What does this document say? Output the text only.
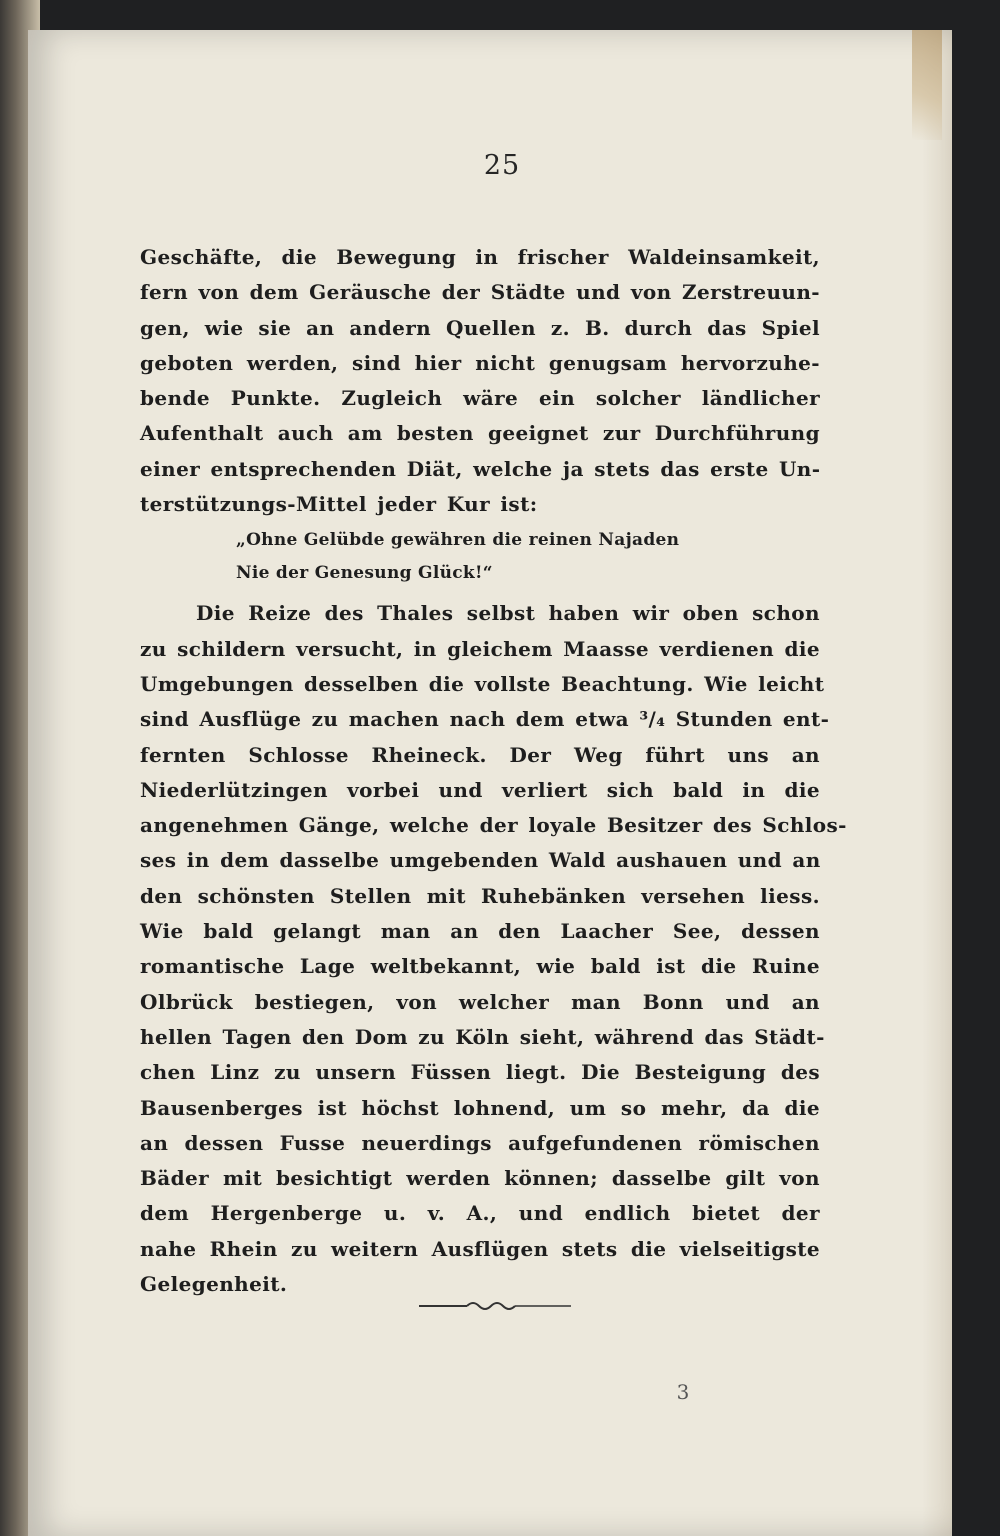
25
Geschäfte, die Bewegung in frischer Waldeinsamkeit,
fern von dem Geräusche der Städte und von Zerstreuun-
gen, wie sie an andern Quellen z. B. durch das Spiel
geboten werden, sind hier nicht genugsam hervorzuhe-
bende Punkte. Zugleich wäre ein solcher ländlicher
Aufenthalt auch am besten geeignet zur Durchführung
einer entsprechenden Diät, welche ja stets das erste Un-
terstützungs-Mittel jeder Kur ist:
„Ohne Gelübde gewähren die reinen Najaden
Nie der Genesung Glück!“
Die Reize des Thales selbst haben wir oben schon
zu schildern versucht, in gleichem Maasse verdienen die
Umgebungen desselben die vollste Beachtung. Wie leicht
sind Ausflüge zu machen nach dem etwa ³/₄ Stunden ent-
fernten Schlosse Rheineck. Der Weg führt uns an
Niederlützingen vorbei und verliert sich bald in die
angenehmen Gänge, welche der loyale Besitzer des Schlos-
ses in dem dasselbe umgebenden Wald aushauen und an
den schönsten Stellen mit Ruhebänken versehen liess.
Wie bald gelangt man an den Laacher See, dessen
romantische Lage weltbekannt, wie bald ist die Ruine
Olbrück bestiegen, von welcher man Bonn und an
hellen Tagen den Dom zu Köln sieht, während das Städt-
chen Linz zu unsern Füssen liegt. Die Besteigung des
Bausenberges ist höchst lohnend, um so mehr, da die
an dessen Fusse neuerdings aufgefundenen römischen
Bäder mit besichtigt werden können; dasselbe gilt von
dem Hergenberge u. v. A., und endlich bietet der
nahe Rhein zu weitern Ausflügen stets die vielseitigste
Gelegenheit.
3
